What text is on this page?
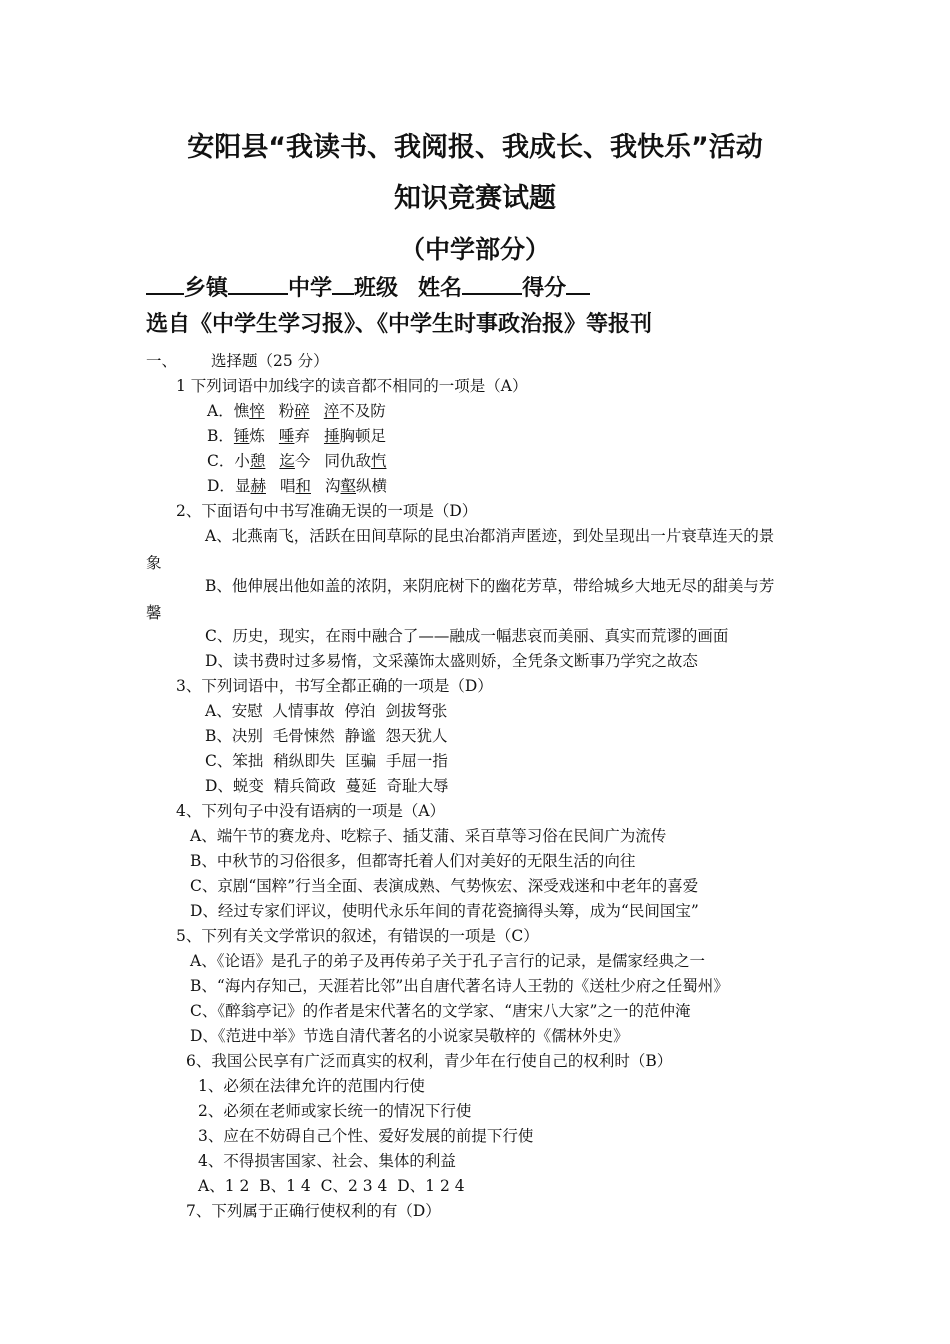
安阳县“我读书、我阅报、我成长、我快乐”活动
知识竞赛试题
（中学部分）
乡镇	中学 班级 姓名	得分
选自《中学生学习报》、《中学生时事政治报》等报刊
一、 选择题（25 分）
1 下列词语中加线字的读音都不相同的一项是（A）
A．憔悴 粉碎 淬不及防
B．锤炼 唾弃 捶胸顿足
C．小憩 迄今 同仇敌忾
D．显赫 唱和 沟壑纵横
2、下面语句中书写准确无误的一项是（D）
A、北燕南飞，活跃在田间草际的昆虫冶都消声匿迹，到处呈现出一片衰草连天的景
象
B、他伸展出他如盖的浓阴，来阴庇树下的幽花芳草，带给城乡大地无尽的甜美与芳
馨
C、历史，现实，在雨中融合了——融成一幅悲哀而美丽、真实而荒谬的画面
D、读书费时过多易惰，文采藻饰太盛则娇，全凭条文断事乃学究之故态
3、下列词语中，书写全都正确的一项是（D）
A、安慰  人情事故  停泊  剑拔弩张
B、决别  毛骨悚然  静谧  怨天犹人
C、笨拙  稍纵即失  匡骗  手屈一指
D、蜕变  精兵简政  蔓延  奇耻大辱
4、下列句子中没有语病的一项是（A）
A、端午节的赛龙舟、吃粽子、插艾蒲、采百草等习俗在民间广为流传
B、中秋节的习俗很多，但都寄托着人们对美好的无限生活的向往
C、京剧“国粹”行当全面、表演成熟、气势恢宏、深受戏迷和中老年的喜爱
D、经过专家们评议，使明代永乐年间的青花瓷摘得头筹，成为“民间国宝”
5、下列有关文学常识的叙述，有错误的一项是（C）
A、《论语》是孔子的弟子及再传弟子关于孔子言行的记录，是儒家经典之一
B、“海内存知己，天涯若比邻”出自唐代著名诗人王勃的《送杜少府之任蜀州》
C、《醉翁亭记》的作者是宋代著名的文学家、“唐宋八大家”之一的范仲淹
D、《范进中举》节选自清代著名的小说家吴敬梓的《儒林外史》
6、我国公民享有广泛而真实的权利，青少年在行使自己的权利时（B）
1、必须在法律允许的范围内行使
2、必须在老师或家长统一的情况下行使
3、应在不妨碍自己个性、爱好发展的前提下行使
4、不得损害国家、社会、集体的利益
A、1 2  B、1 4  C、2 3 4  D、1 2 4
7、下列属于正确行使权利的有（D）
